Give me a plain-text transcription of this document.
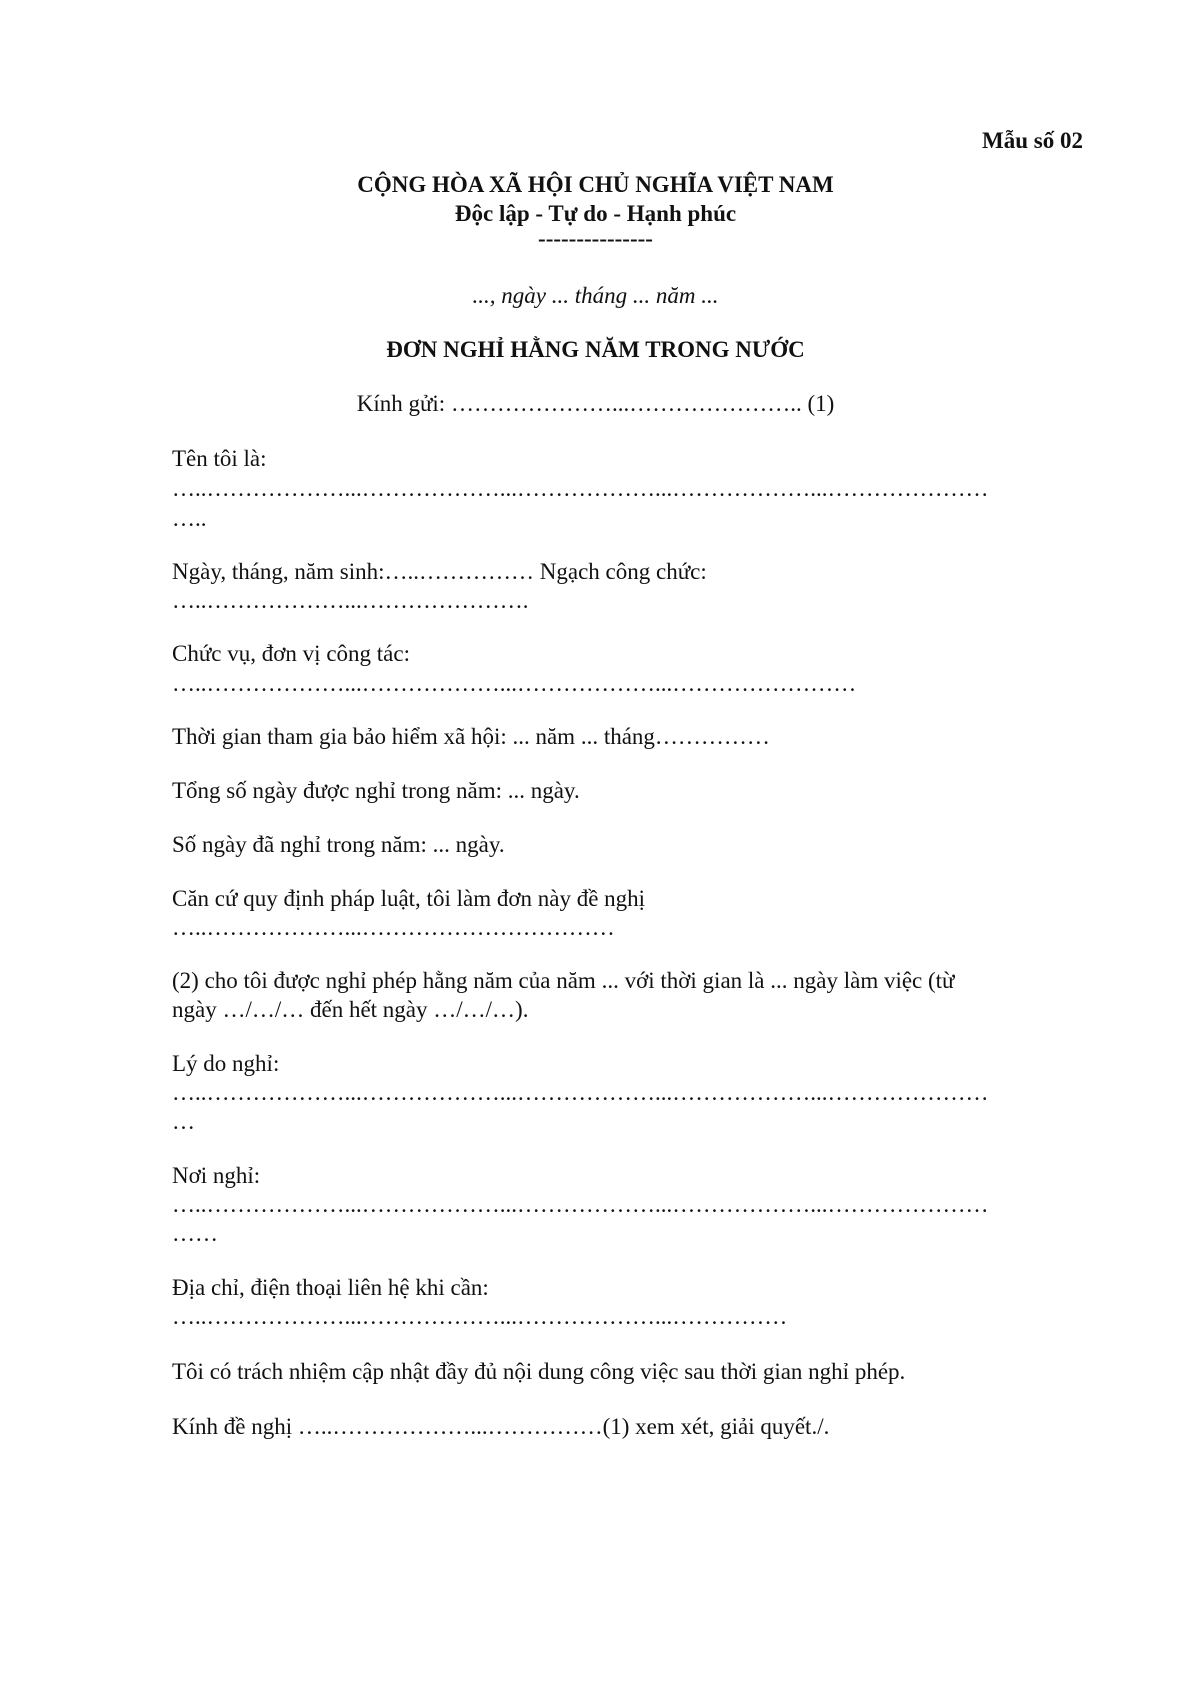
Mẫu số 02
CỘNG HÒA XÃ HỘI CHỦ NGHĨA VIỆT NAM
Độc lập - Tự do - Hạnh phúc
---------------
..., ngày ... tháng ... năm ...
ĐƠN NGHỈ HẰNG NĂM TRONG NƯỚC
Kính gửi: …………………...………………….. (1)
Tên tôi là:
…..………………...………………...………………...………………...…………………
…..
Ngày, tháng, năm sinh:…..…………… Ngạch công chức:
…..………………...………………….
Chức vụ, đơn vị công tác:
…..………………...………………...………………...……………………
Thời gian tham gia bảo hiểm xã hội: ... năm ... tháng……………
Tổng số ngày được nghỉ trong năm: ... ngày.
Số ngày đã nghỉ trong năm: ... ngày.
Căn cứ quy định pháp luật, tôi làm đơn này đề nghị
…..………………...……………………………
(2) cho tôi được nghỉ phép hằng năm của năm ... với thời gian là ... ngày làm việc (từ
ngày …/…/… đến hết ngày …/…/…).
Lý do nghỉ:
…..………………...………………...………………...………………...…………………
…
Nơi nghỉ:
…..………………...………………...………………...………………...…………………
……
Địa chỉ, điện thoại liên hệ khi cần:
…..………………...………………...………………...……………
Tôi có trách nhiệm cập nhật đầy đủ nội dung công việc sau thời gian nghỉ phép.
Kính đề nghị …..………………...……………(1) xem xét, giải quyết./.
